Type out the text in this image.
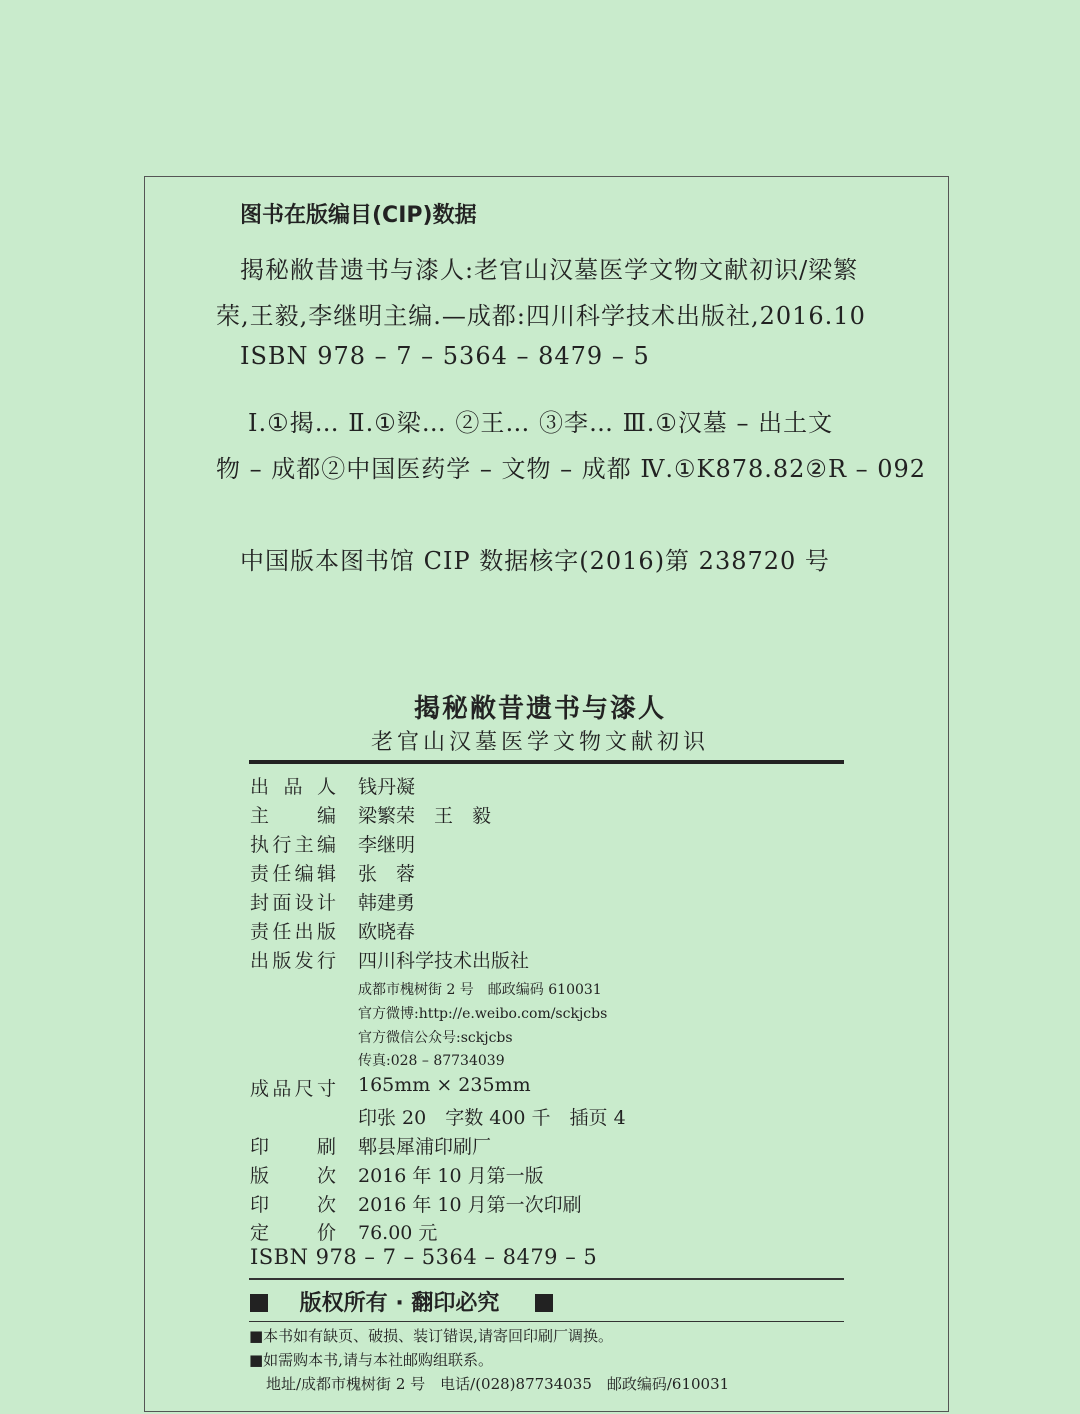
图书在版编目(CIP)数据
揭秘敝昔遗书与漆人:老官山汉墓医学文物文献初识/梁繁
荣,王毅,李继明主编.—成都:四川科学技术出版社,2016.10
ISBN 978 – 7 – 5364 – 8479 – 5
Ⅰ.①揭… Ⅱ.①梁… ②王… ③李… Ⅲ.①汉墓 – 出土文
物 – 成都②中国医药学 – 文物 – 成都 Ⅳ.①K878.82②R – 092
中国版本图书馆 CIP 数据核字(2016)第 238720 号
揭秘敝昔遗书与漆人
老官山汉墓医学文物文献初识
出品人 钱丹凝
主编 梁繁荣　王　毅
执行主编 李继明
责任编辑 张　蓉
封面设计 韩建勇
责任出版 欧晓春
出版发行 四川科学技术出版社
成都市槐树街 2 号　邮政编码 610031
官方微博:http://e.weibo.com/sckjcbs
官方微信公众号:sckjcbs
传真:028 – 87734039
成品尺寸 165mm × 235mm
印张 20　字数 400 千　插页 4
印刷 郫县犀浦印刷厂
版次 2016 年 10 月第一版
印次 2016 年 10 月第一次印刷
定价 76.00 元
ISBN 978 – 7 – 5364 – 8479 – 5
版权所有 · 翻印必究
■本书如有缺页、破损、装订错误,请寄回印刷厂调换。
■如需购本书,请与本社邮购组联系。
地址/成都市槐树街 2 号　电话/(028)87734035　邮政编码/610031
